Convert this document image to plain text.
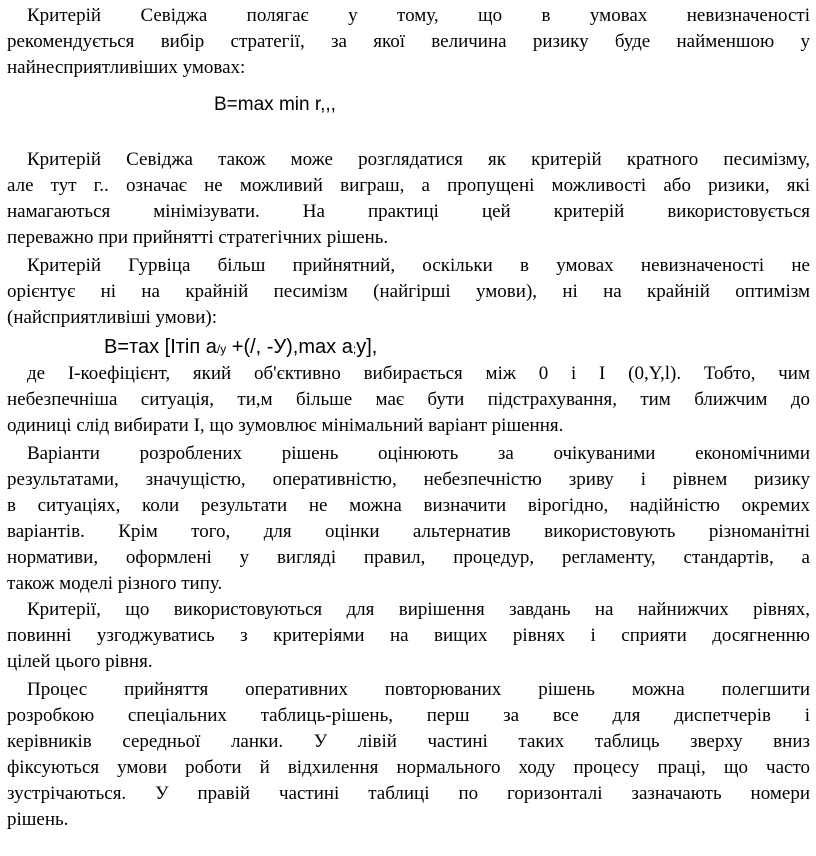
Критерій Севіджа полягає у тому, що в умовах невизначеності
рекомендується вибір стратегії, за якої величина ризику буде найменшою у
найнесприятливіших умовах:
B=max min r,,,
Критерій Севіджа також може розглядатися як критерій кратного песимізму,
але тут г.. означає не можливий виграш, а пропущені можливості або ризики, які
намагаються мінімізувати. На практиці цей критерій використовується
переважно при прийнятті стратегічних рішень.
Критерій Гурвіца більш прийнятний, оскільки в умовах невизначеності не
орієнтує ні на крайній песимізм (найгірші умови), ні на крайній оптимізм
(найсприятливіші умови):
B=тах [Ітіп а/у +(/, -У),max а;у],
де І-коефіцієнт, який об'єктивно вибирається між 0 і І (0,Y,l). Тобто, чим
небезпечніша ситуація, ти,м більше має бути підстрахування, тим ближчим до
одиниці слід вибирати І, що зумовлює мінімальний варіант рішення.
Варіанти розроблених рішень оцінюють за очікуваними економічними
результатами, значущістю, оперативністю, небезпечністю зриву і рівнем ризику
в ситуаціях, коли результати не можна визначити вірогідно, надійністю окремих
варіантів. Крім того, для оцінки альтернатив використовують різноманітні
нормативи, оформлені у вигляді правил, процедур, регламенту, стандартів, а
також моделі різного типу.
Критерії, що використовуються для вирішення завдань на найнижчих рівнях,
повинні узгоджуватись з критеріями на вищих рівнях і сприяти досягненню
цілей цього рівня.
Процес прийняття оперативних повторюваних рішень можна полегшити
розробкою спеціальних таблиць-рішень, перш за все для диспетчерів і
керівників середньої ланки. У лівій частині таких таблиць зверху вниз
фіксуються умови роботи й відхилення нормального ходу процесу праці, що часто
зустрічаються. У правій частині таблиці по горизонталі зазначають номери
рішень.
